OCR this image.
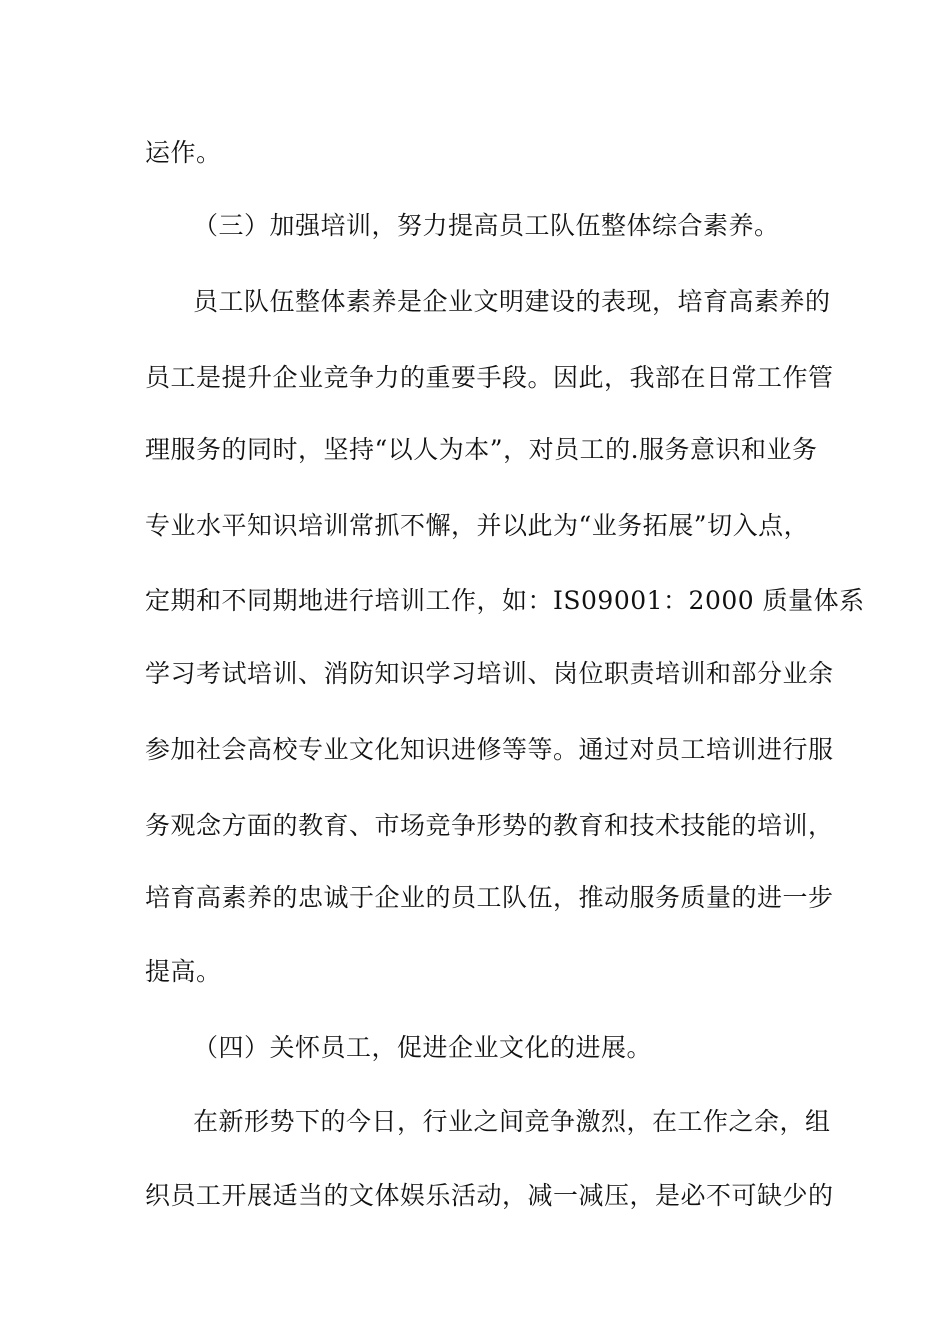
运作。
（三）加强培训，努力提高员工队伍整体综合素养。
员工队伍整体素养是企业文明建设的表现，培育高素养的
员工是提升企业竞争力的重要手段。因此，我部在日常工作管
理服务的同时，坚持“以人为本”，对员工的.服务意识和业务
专业水平知识培训常抓不懈，并以此为“业务拓展”切入点，
定期和不同期地进行培训工作，如：IS09001：2000 质量体系
学习考试培训、消防知识学习培训、岗位职责培训和部分业余
参加社会高校专业文化知识进修等等。通过对员工培训进行服
务观念方面的教育、市场竞争形势的教育和技术技能的培训，
培育高素养的忠诚于企业的员工队伍，推动服务质量的进一步
提高。
（四）关怀员工，促进企业文化的进展。
在新形势下的今日，行业之间竞争激烈，在工作之余，组
织员工开展适当的文体娱乐活动，减一减压，是必不可缺少的
